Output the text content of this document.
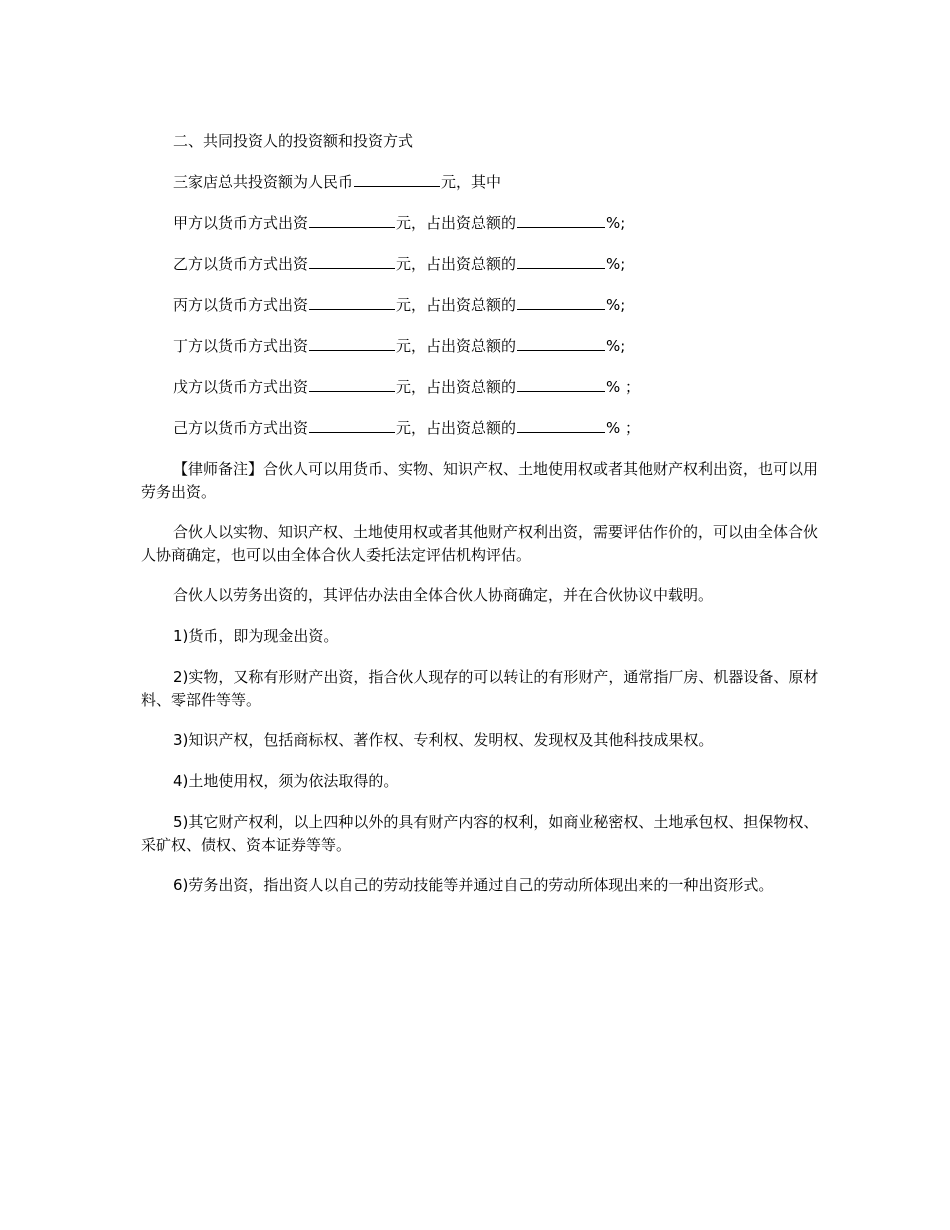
二、共同投资人的投资额和投资方式

三家店总共投资额为人民币	元，其中

甲方以货币方式出资	元，占出资总额的	%;

乙方以货币方式出资	元，占出资总额的	%;

丙方以货币方式出资	元，占出资总额的	%;

丁方以货币方式出资	元，占出资总额的	%;

戊方以货币方式出资	元，占出资总额的	% ；

己方以货币方式出资	元，占出资总额的	% ；

【律师备注】合伙人可以用货币、实物、知识产权、土地使用权或者其他财产权利出资，也可以用劳务出资。

合伙人以实物、知识产权、土地使用权或者其他财产权利出资，需要评估作价的，可以由全体合伙人协商确定，也可以由全体合伙人委托法定评估机构评估。

合伙人以劳务出资的，其评估办法由全体合伙人协商确定，并在合伙协议中载明。

1)货币，即为现金出资。

2)实物，又称有形财产出资，指合伙人现存的可以转让的有形财产，通常指厂房、机器设备、原材料、零部件等等。

3)知识产权，包括商标权、著作权、专利权、发明权、发现权及其他科技成果权。

4)土地使用权，须为依法取得的。

5)其它财产权利，以上四种以外的具有财产内容的权利，如商业秘密权、土地承包权、担保物权、采矿权、债权、资本证券等等。

6)劳务出资，指出资人以自己的劳动技能等并通过自己的劳动所体现出来的一种出资形式。
